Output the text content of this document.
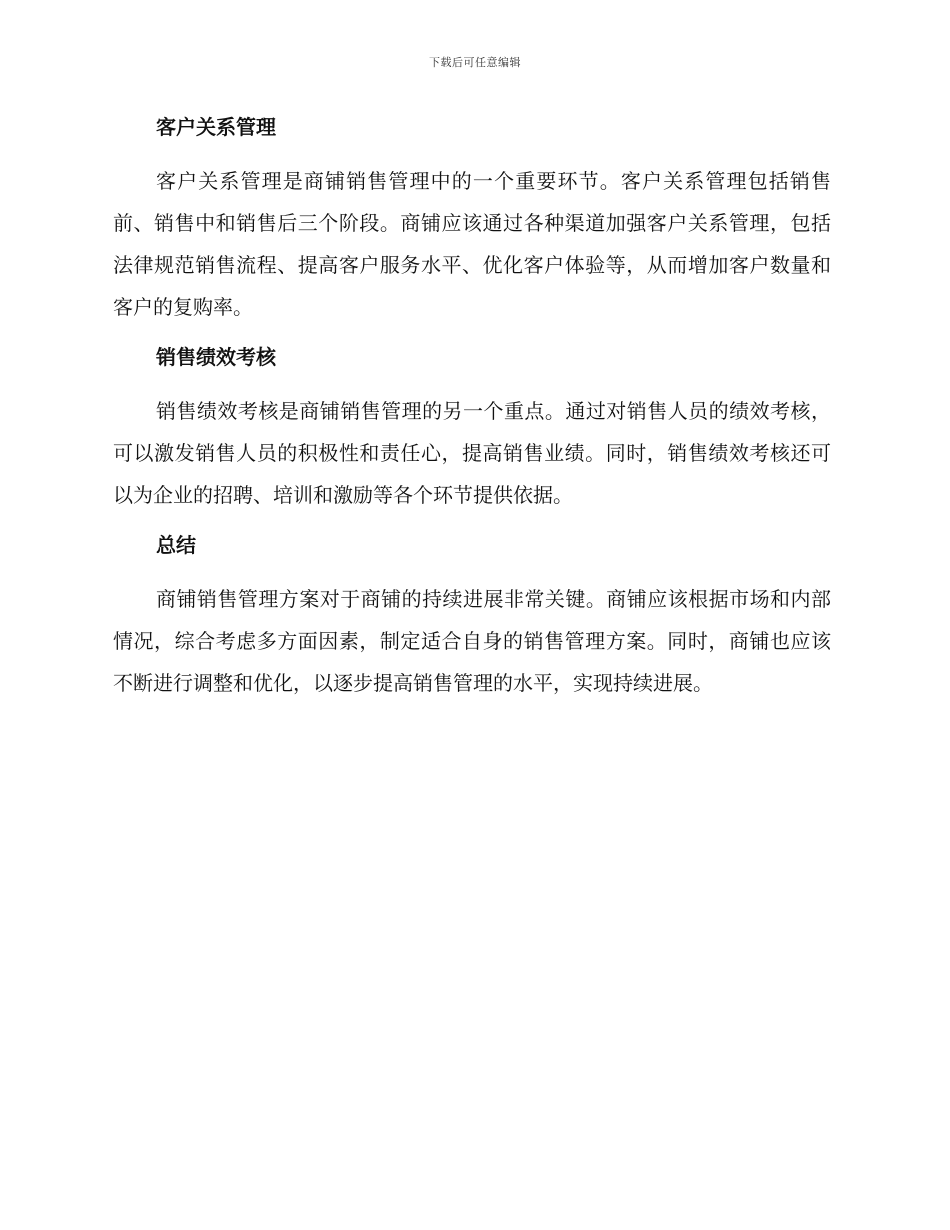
下载后可任意编辑
客户关系管理

客户关系管理是商铺销售管理中的一个重要环节。客户关系管理包括销售前、销售中和销售后三个阶段。商铺应该通过各种渠道加强客户关系管理，包括法律规范销售流程、提高客户服务水平、优化客户体验等，从而增加客户数量和客户的复购率。

销售绩效考核

销售绩效考核是商铺销售管理的另一个重点。通过对销售人员的绩效考核，可以激发销售人员的积极性和责任心，提高销售业绩。同时，销售绩效考核还可以为企业的招聘、培训和激励等各个环节提供依据。

总结

商铺销售管理方案对于商铺的持续进展非常关键。商铺应该根据市场和内部情况，综合考虑多方面因素，制定适合自身的销售管理方案。同时，商铺也应该不断进行调整和优化，以逐步提高销售管理的水平，实现持续进展。
